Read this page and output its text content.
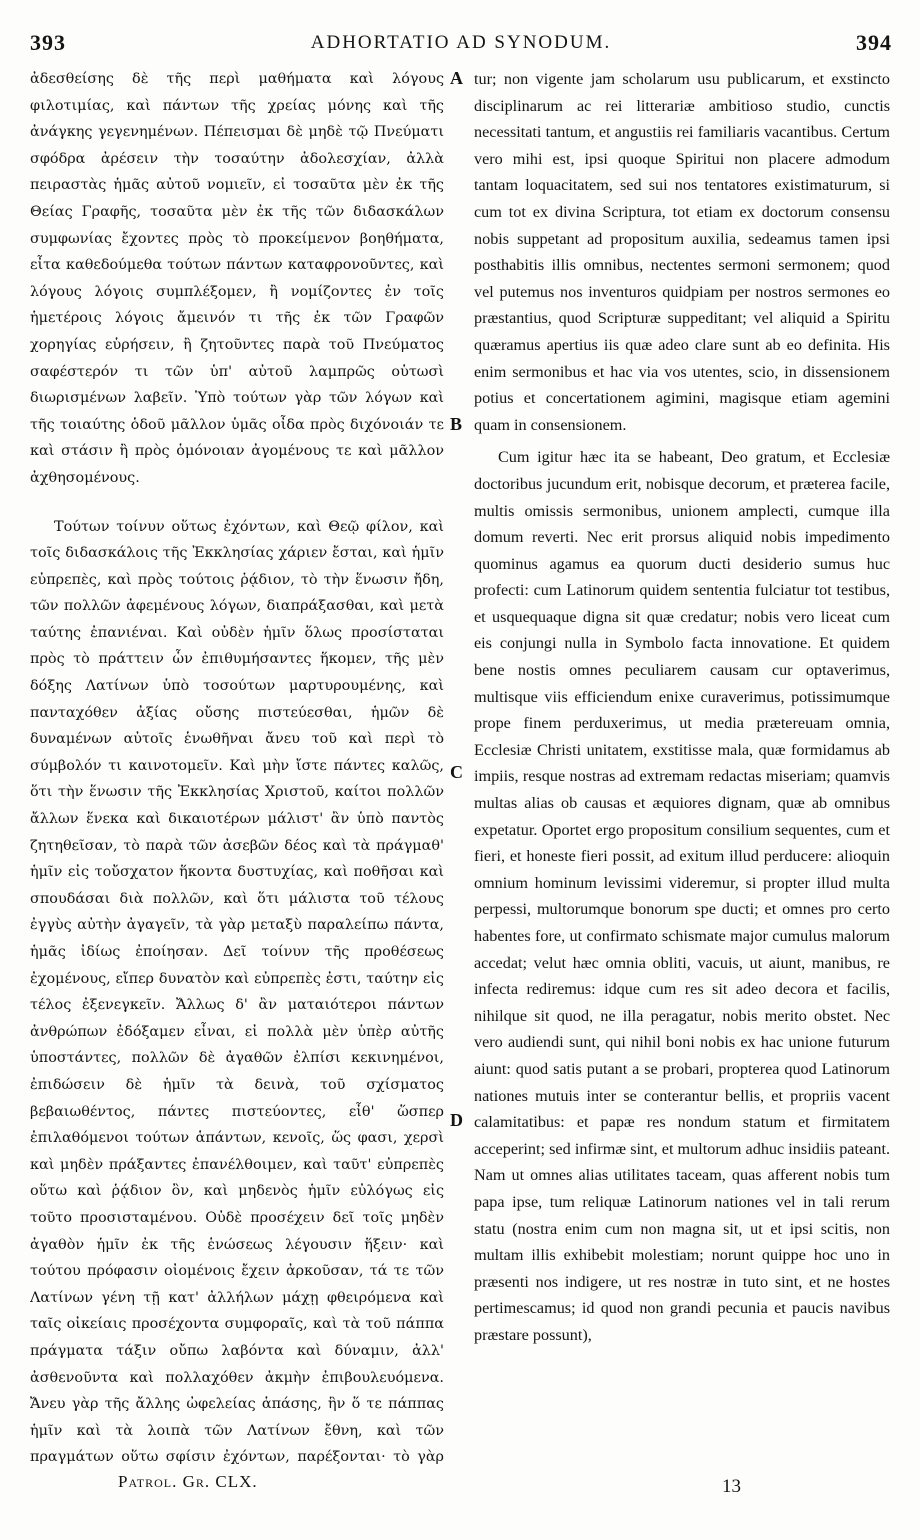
393	ADHORTATIO AD SYNODUM.	394

ἀδεσθείσης δὲ τῆς περὶ μαθήματα καὶ λόγους φιλοτιμίας, καὶ πάντων τῆς χρείας μόνης καὶ τῆς ἀνάγκης γεγενημένων. Πέπεισμαι δὲ μηδὲ τῷ Πνεύματι σφόδρα ἀρέσειν τὴν τοσαύτην ἀδολεσχίαν, ἀλλὰ πειραστὰς ἡμᾶς αὐτοῦ νομιεῖν, εἰ τοσαῦτα μὲν ἐκ τῆς Θείας Γραφῆς, τοσαῦτα μὲν ἐκ τῆς τῶν διδασκάλων συμφωνίας ἔχοντες πρὸς τὸ προκείμενον βοηθήματα, εἶτα καθεδούμεθα τούτων πάντων καταφρονοῦντες, καὶ λόγους λόγοις συμπλέξομεν, ἢ νομίζοντες ἐν τοῖς ἡμετέροις λόγοις ἄμεινόν τι τῆς ἐκ τῶν Γραφῶν χορηγίας εὑρήσειν, ἢ ζητοῦντες παρὰ τοῦ Πνεύματος σαφέστερόν τι τῶν ὑπ' αὐτοῦ λαμπρῶς οὑτωσὶ διωρισμένων λαβεῖν. Ὑπὸ τούτων γὰρ τῶν λόγων καὶ τῆς τοιαύτης ὁδοῦ μᾶλλον ὑμᾶς οἶδα πρὸς διχόνοιάν τε καὶ στάσιν ἢ πρὸς ὁμόνοιαν ἀγομένους τε καὶ μᾶλλον ἀχθησομένους.

Τούτων τοίνυν οὕτως ἐχόντων, καὶ Θεῷ φίλον, καὶ τοῖς διδασκάλοις τῆς Ἐκκλησίας χάριεν ἔσται, καὶ ἡμῖν εὐπρεπὲς, καὶ πρὸς τούτοις ῥᾴδιον, τὸ τὴν ἕνωσιν ἤδη, τῶν πολλῶν ἀφεμένους λόγων, διαπράξασθαι, καὶ μετὰ ταύτης ἐπανιέναι. Καὶ οὐδὲν ἡμῖν ὅλως προσίσταται πρὸς τὸ πράττειν ὧν ἐπιθυμήσαντες ἥκομεν, τῆς μὲν δόξης Λατίνων ὑπὸ τοσούτων μαρτυρουμένης, καὶ πανταχόθεν ἀξίας οὔσης πιστεύεσθαι, ἡμῶν δὲ δυναμένων αὐτοῖς ἑνωθῆναι ἄνευ τοῦ καὶ περὶ τὸ σύμβολόν τι καινοτομεῖν. Καὶ μὴν ἴστε πάντες καλῶς, ὅτι τὴν ἕνωσιν τῆς Ἐκκλησίας Χριστοῦ, καίτοι πολλῶν ἄλλων ἕνεκα καὶ δικαιοτέρων μάλιστ' ἂν ὑπὸ παντὸς ζητηθεῖσαν, τὸ παρὰ τῶν ἀσεβῶν δέος καὶ τὰ πράγμαθ' ἡμῖν εἰς τοὔσχατον ἥκοντα δυστυχίας, καὶ ποθῆσαι καὶ σπουδάσαι διὰ πολλῶν, καὶ ὅτι μάλιστα τοῦ τέλους ἐγγὺς αὐτὴν ἀγαγεῖν, τὰ γὰρ μεταξὺ παραλείπω πάντα, ἡμᾶς ἰδίως ἐποίησαν. Δεῖ τοίνυν τῆς προθέσεως ἐχομένους, εἴπερ δυνατὸν καὶ εὐπρεπὲς ἐστι, ταύτην εἰς τέλος ἐξενεγκεῖν. Ἄλλως δ' ἂν ματαιότεροι πάντων ἀνθρώπων ἐδόξαμεν εἶναι, εἰ πολλὰ μὲν ὑπὲρ αὐτῆς ὑποστάντες, πολλῶν δὲ ἀγαθῶν ἐλπίσι κεκινημένοι, ἐπιδώσειν δὲ ἡμῖν τὰ δεινὰ, τοῦ σχίσματος βεβαιωθέντος, πάντες πιστεύοντες, εἶθ' ὥσπερ ἐπιλαθόμενοι τούτων ἁπάντων, κενοῖς, ὥς φασι, χερσὶ καὶ μηδὲν πράξαντες ἐπανέλθοιμεν, καὶ ταῦτ' εὐπρεπὲς οὕτω καὶ ῥᾴδιον ὂν, καὶ μηδενὸς ἡμῖν εὐλόγως εἰς τοῦτο προσισταμένου. Οὐδὲ προσέχειν δεῖ τοῖς μηδὲν ἀγαθὸν ἡμῖν ἐκ τῆς ἑνώσεως λέγουσιν ἥξειν· καὶ τούτου πρόφασιν οἰομένοις ἔχειν ἀρκοῦσαν, τά τε τῶν Λατίνων γένη τῇ κατ' ἀλλήλων μάχῃ φθειρόμενα καὶ ταῖς οἰκείαις προσέχοντα συμφοραῖς, καὶ τὰ τοῦ πάππα πράγματα τάξιν οὔπω λαβόντα καὶ δύναμιν, ἀλλ' ἀσθενοῦντα καὶ πολλαχόθεν ἀκμὴν ἐπιβουλευόμενα. Ἄνευ γὰρ τῆς ἄλλης ὠφελείας ἁπάσης, ἣν ὅ τε πάππας ἡμῖν καὶ τὰ λοιπὰ τῶν Λατίνων ἔθνη, καὶ τῶν πραγμάτων οὕτω σφίσιν ἐχόντων, παρέξονται· τὸ γὰρ

A
B
C
D

tur; non vigente jam scholarum usu publicarum, et exstincto disciplinarum ac rei litterariæ ambitioso studio, cunctis necessitati tantum, et angustiis rei familiaris vacantibus. Certum vero mihi est, ipsi quoque Spiritui non placere admodum tantam loquacitatem, sed sui nos tentatores existimaturum, si cum tot ex divina Scriptura, tot etiam ex doctorum consensu nobis suppetant ad propositum auxilia, sedeamus tamen ipsi posthabitis illis omnibus, nectentes sermoni sermonem; quod vel putemus nos inventuros quidpiam per nostros sermones eo præstantius, quod Scripturæ suppeditant; vel aliquid a Spiritu quæramus apertius iis quæ adeo clare sunt ab eo definita. His enim sermonibus et hac via vos utentes, scio, in dissensionem potius et concertationem agimini, magisque etiam agemini quam in consensionem.

Cum igitur hæc ita se habeant, Deo gratum, et Ecclesiæ doctoribus jucundum erit, nobisque decorum, et præterea facile, multis omissis sermonibus, unionem amplecti, cumque illa domum reverti. Nec erit prorsus aliquid nobis impedimento quominus agamus ea quorum ducti desiderio sumus huc profecti: cum Latinorum quidem sententia fulciatur tot testibus, et usquequaque digna sit quæ credatur; nobis vero liceat cum eis conjungi nulla in Symbolo facta innovatione. Et quidem bene nostis omnes peculiarem causam cur optaverimus, multisque viis efficiendum enixe curaverimus, potissimumque prope finem perduxerimus, ut media prætereuam omnia, Ecclesiæ Christi unitatem, exstitisse mala, quæ formidamus ab impiis, resque nostras ad extremam redactas miseriam; quamvis multas alias ob causas et æquiores dignam, quæ ab omnibus expetatur. Oportet ergo propositum consilium sequentes, cum et fieri, et honeste fieri possit, ad exitum illud perducere: alioquin omnium hominum levissimi videremur, si propter illud multa perpessi, multorumque bonorum spe ducti; et omnes pro certo habentes fore, ut confirmato schismate major cumulus malorum accedat; velut hæc omnia obliti, vacuis, ut aiunt, manibus, re infecta rediremus: idque cum res sit adeo decora et facilis, nihilque sit quod, ne illa peragatur, nobis merito obstet. Nec vero audiendi sunt, qui nihil boni nobis ex hac unione futurum aiunt: quod satis putant a se probari, propterea quod Latinorum nationes mutuis inter se conterantur bellis, et propriis vacent calamitatibus: et papæ res nondum statum et firmitatem acceperint; sed infirmæ sint, et multorum adhuc insidiis pateant. Nam ut omnes alias utilitates taceam, quas afferent nobis tum papa ipse, tum reliquæ Latinorum nationes vel in tali rerum statu (nostra enim cum non magna sit, ut et ipsi scitis, non multam illis exhibebit molestiam; norunt quippe hoc uno in præsenti nos indigere, ut res nostræ in tuto sint, et ne hostes pertimescamus; id quod non grandi pecunia et paucis navibus præstare possunt),

Patrol. Gr. CLX.	13
